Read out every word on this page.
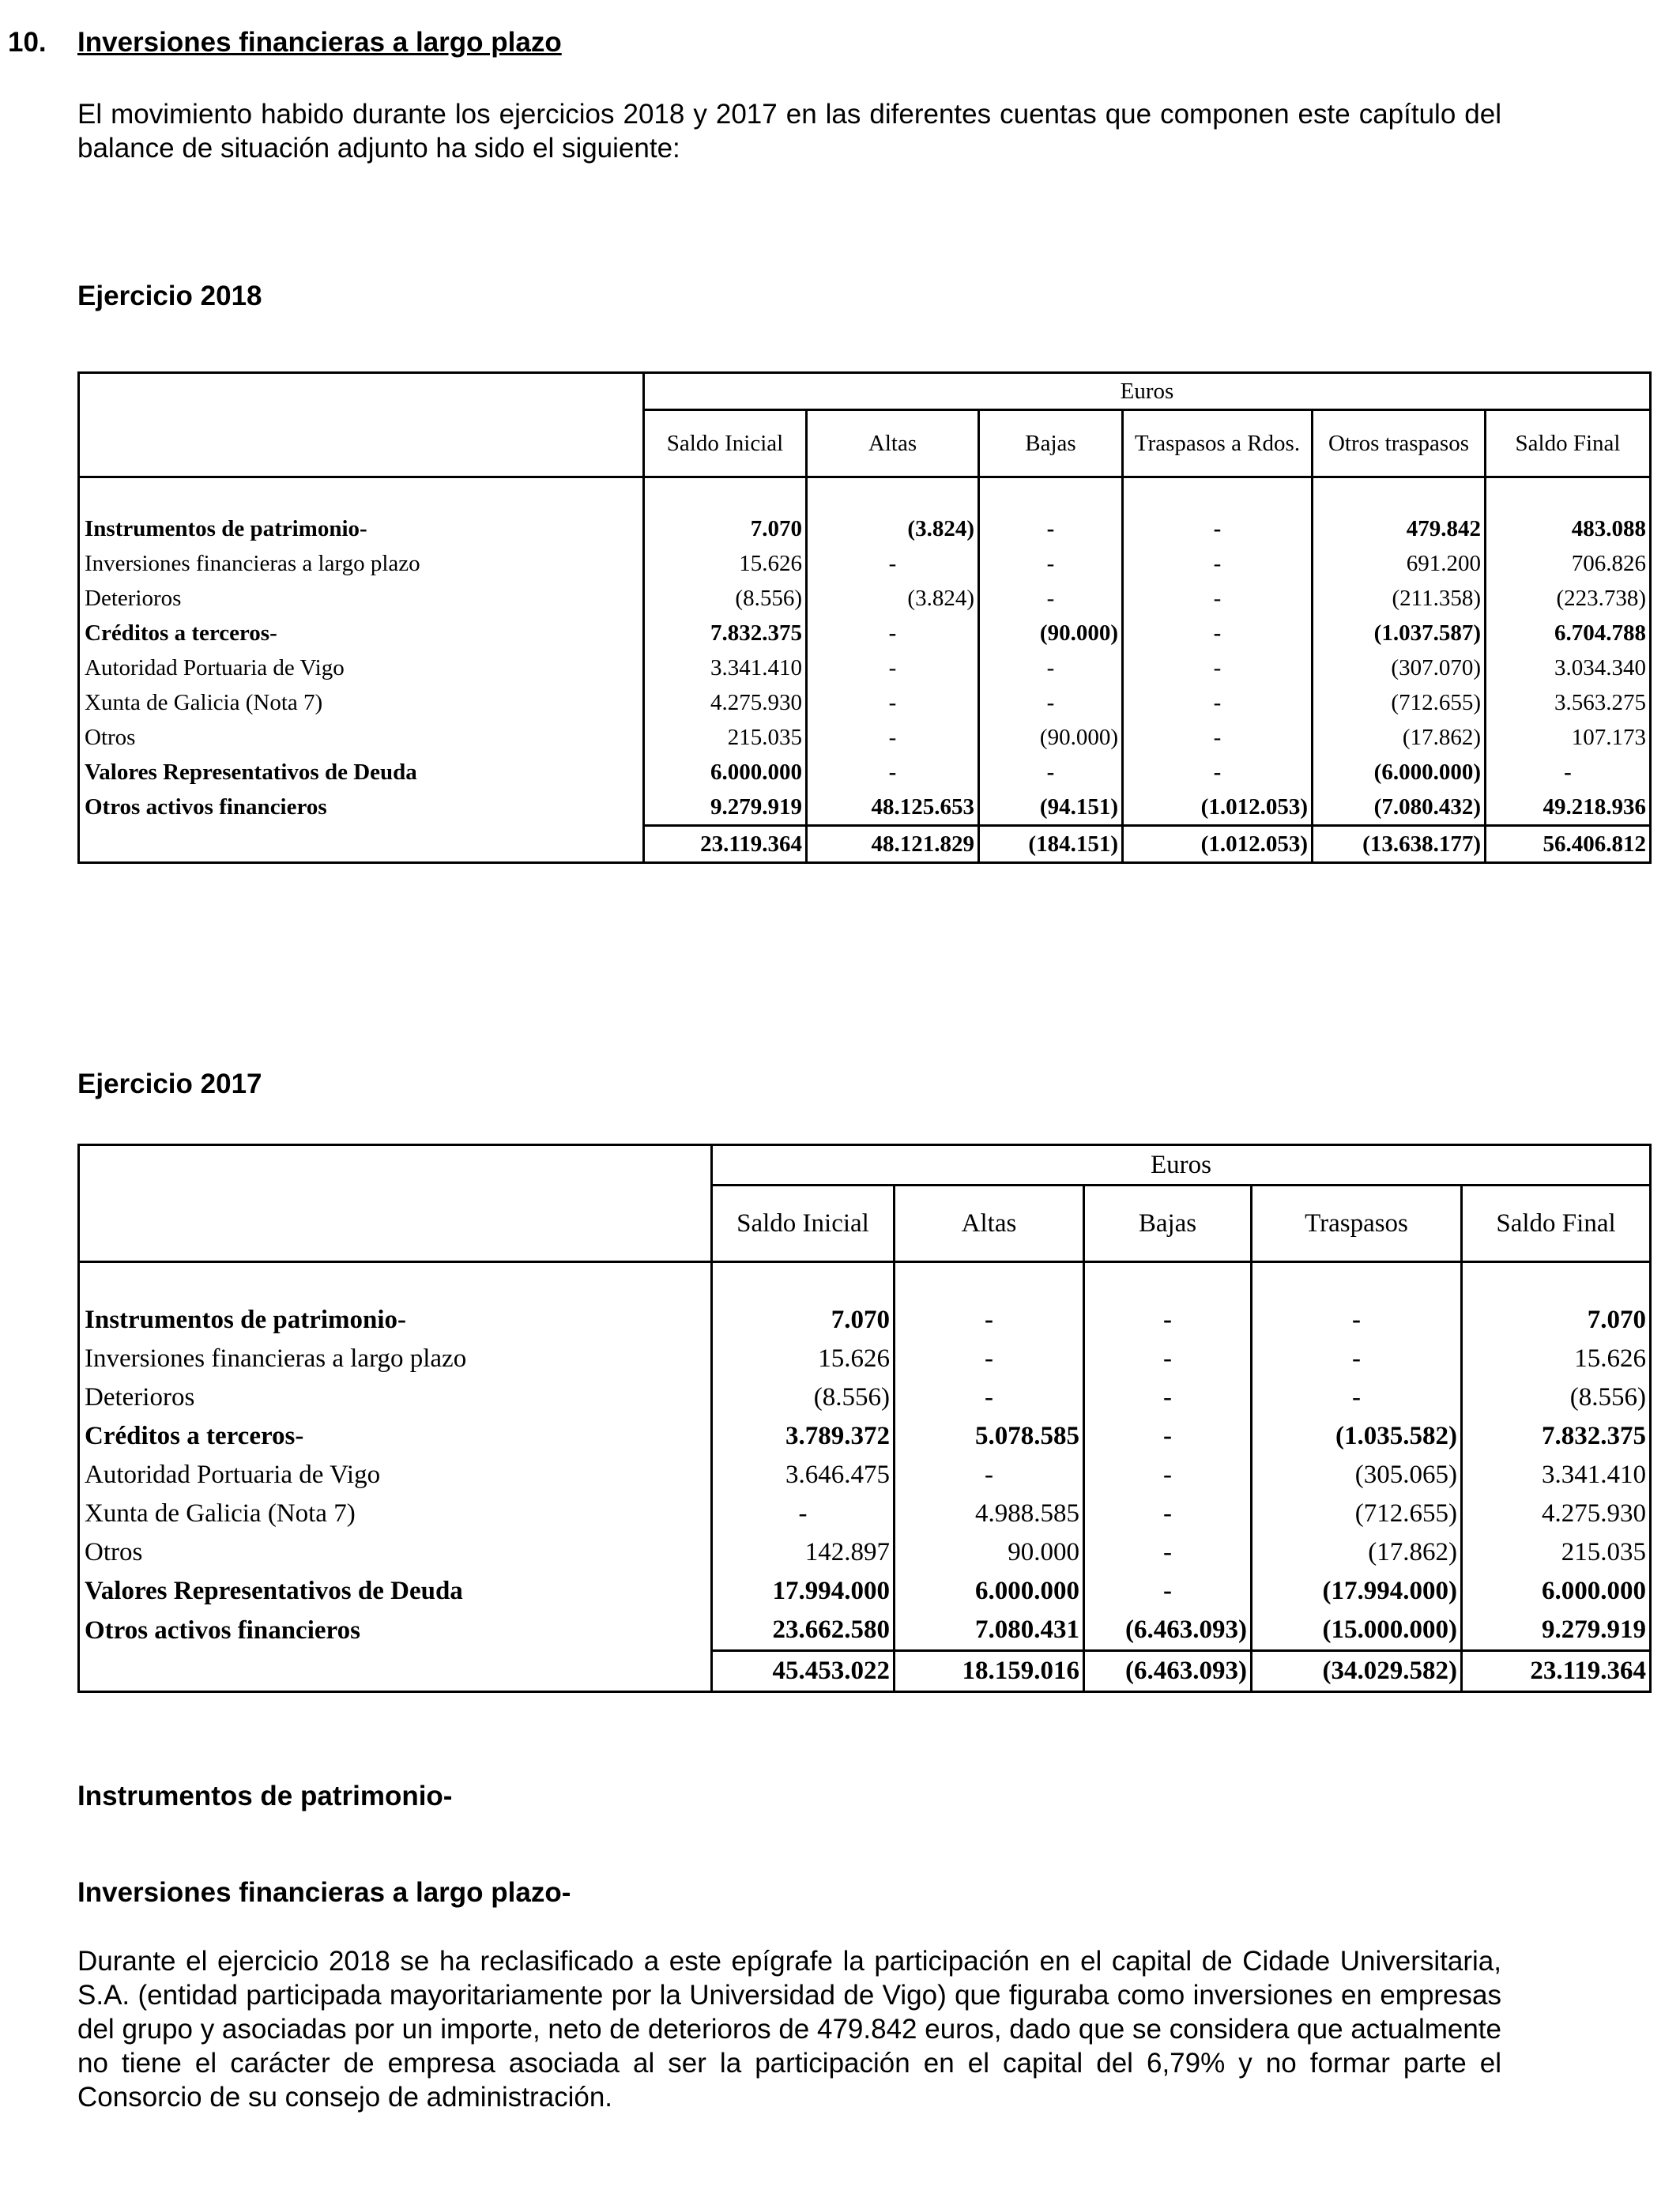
10. Inversiones financieras a largo plazo

El movimiento habido durante los ejercicios 2018 y 2017 en las diferentes cuentas que componen este capítulo del balance de situación adjunto ha sido el siguiente:

Ejercicio 2018
	Euros					
	Saldo Inicial	Altas	Bajas	Traspasos a Rdos.	Otros traspasos	Saldo Final

Instrumentos de patrimonio-	7.070	(3.824)	-	-	479.842	483.088
Inversiones financieras a largo plazo	15.626	-	-	-	691.200	706.826
Deterioros	(8.556)	(3.824)	-	-	(211.358)	(223.738)
Créditos a terceros-	7.832.375	-	(90.000)	-	(1.037.587)	6.704.788
Autoridad Portuaria de Vigo	3.341.410	-	-	-	(307.070)	3.034.340
Xunta de Galicia (Nota 7)	4.275.930	-	-	-	(712.655)	3.563.275
Otros	215.035	-	(90.000)	-	(17.862)	107.173
Valores Representativos de Deuda	6.000.000	-	-	-	(6.000.000)	-
Otros activos financieros	9.279.919	48.125.653	(94.151)	(1.012.053)	(7.080.432)	49.218.936
	23.119.364	48.121.829	(184.151)	(1.012.053)	(13.638.177)	56.406.812
Ejercicio 2017
	Euros				
	Saldo Inicial	Altas	Bajas	Traspasos	Saldo Final

Instrumentos de patrimonio-	7.070	-	-	-	7.070
Inversiones financieras a largo plazo	15.626	-	-	-	15.626
Deterioros	(8.556)	-	-	-	(8.556)
Créditos a terceros-	3.789.372	5.078.585	-	(1.035.582)	7.832.375
Autoridad Portuaria de Vigo	3.646.475	-	-	(305.065)	3.341.410
Xunta de Galicia (Nota 7)	-	4.988.585	-	(712.655)	4.275.930
Otros	142.897	90.000	-	(17.862)	215.035
Valores Representativos de Deuda	17.994.000	6.000.000	-	(17.994.000)	6.000.000
Otros activos financieros	23.662.580	7.080.431	(6.463.093)	(15.000.000)	9.279.919
	45.453.022	18.159.016	(6.463.093)	(34.029.582)	23.119.364
Instrumentos de patrimonio-
Inversiones financieras a largo plazo-

Durante el ejercicio 2018 se ha reclasificado a este epígrafe la participación en el capital de Cidade Universitaria, S.A. (entidad participada mayoritariamente por la Universidad de Vigo) que figuraba como inversiones en empresas del grupo y asociadas por un importe, neto de deterioros de 479.842 euros, dado que se considera que actualmente no tiene el carácter de empresa asociada al ser la participación en el capital del 6,79% y no formar parte el Consorcio de su consejo de administración.
